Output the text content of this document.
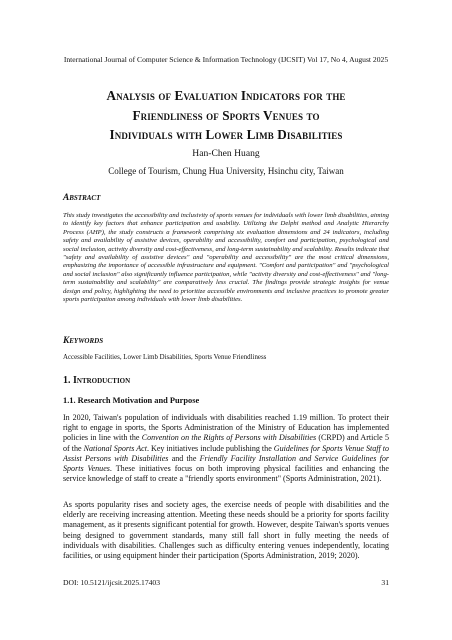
International Journal of Computer Science & Information Technology (IJCSIT) Vol 17, No 4, August 2025
Analysis of Evaluation Indicators for the
Friendliness of Sports Venues to
Individuals with Lower Limb Disabilities
Han-Chen Huang
College of Tourism, Chung Hua University, Hsinchu city, Taiwan
Abstract
This study investigates the accessibility and inclusivity of sports venues for individuals with lower limb disabilities, aiming to identify key factors that enhance participation and usability. Utilizing the Delphi method and Analytic Hierarchy Process (AHP), the study constructs a framework comprising six evaluation dimensions and 24 indicators, including safety and availability of assistive devices, operability and accessibility, comfort and participation, psychological and social inclusion, activity diversity and cost-effectiveness, and long-term sustainability and scalability. Results indicate that "safety and availability of assistive devices" and "operability and accessibility" are the most critical dimensions, emphasizing the importance of accessible infrastructure and equipment. "Comfort and participation" and "psychological and social inclusion" also significantly influence participation, while "activity diversity and cost-effectiveness" and "long-term sustainability and scalability" are comparatively less crucial. The findings provide strategic insights for venue design and policy, highlighting the need to prioritize accessible environments and inclusive practices to promote greater sports participation among individuals with lower limb disabilities.
Keywords
Accessible Facilities, Lower Limb Disabilities, Sports Venue Friendliness
1. Introduction
1.1. Research Motivation and Purpose
In 2020, Taiwan's population of individuals with disabilities reached 1.19 million. To protect their right to engage in sports, the Sports Administration of the Ministry of Education has implemented policies in line with the Convention on the Rights of Persons with Disabilities (CRPD) and Article 5 of the National Sports Act. Key initiatives include publishing the Guidelines for Sports Venue Staff to Assist Persons with Disabilities and the Friendly Facility Installation and Service Guidelines for Sports Venues. These initiatives focus on both improving physical facilities and enhancing the service knowledge of staff to create a "friendly sports environment" (Sports Administration, 2021).
As sports popularity rises and society ages, the exercise needs of people with disabilities and the elderly are receiving increasing attention. Meeting these needs should be a priority for sports facility management, as it presents significant potential for growth. However, despite Taiwan's sports venues being designed to government standards, many still fall short in fully meeting the needs of individuals with disabilities. Challenges such as difficulty entering venues independently, locating facilities, or using equipment hinder their participation (Sports Administration, 2019; 2020).
DOI: 10.5121/ijcsit.2025.17403	31
